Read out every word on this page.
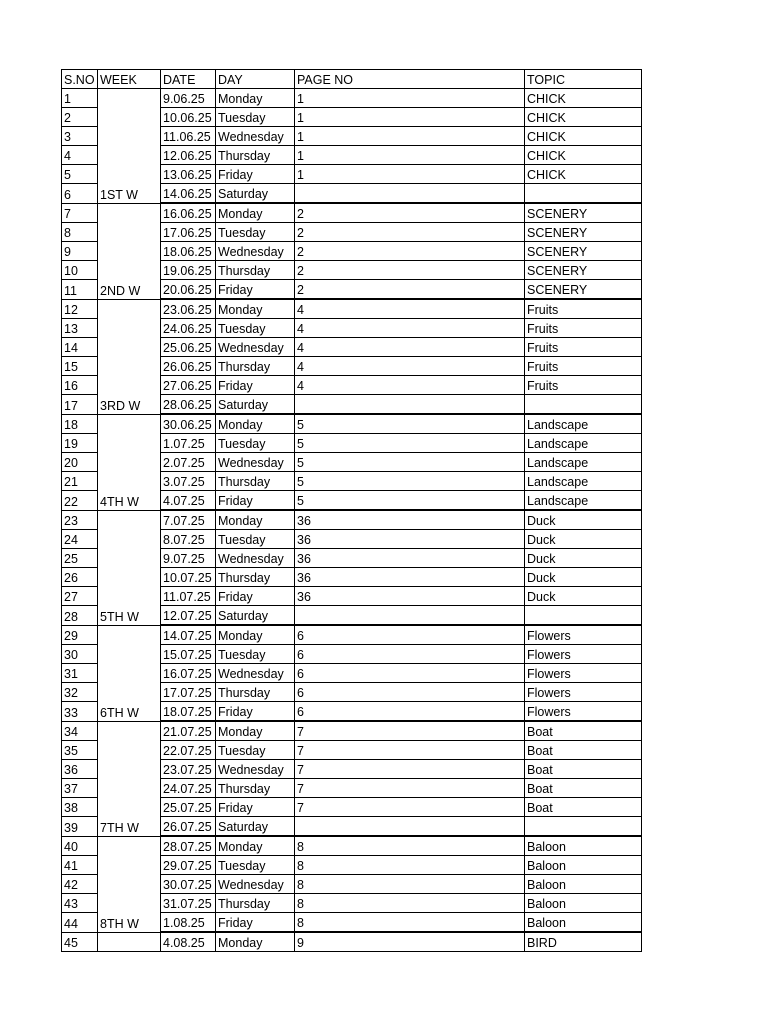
S.NO	WEEK	DATE	DAY	PAGE NO	TOPIC
1		9.06.25	Monday	1	CHICK
2		10.06.25	Tuesday	1	CHICK
3		11.06.25	Wednesday	1	CHICK
4		12.06.25	Thursday	1	CHICK
5		13.06.25	Friday	1	CHICK
6	1ST W	14.06.25	Saturday		
7		16.06.25	Monday	2	SCENERY
8		17.06.25	Tuesday	2	SCENERY
9		18.06.25	Wednesday	2	SCENERY
10		19.06.25	Thursday	2	SCENERY
11	2ND W	20.06.25	Friday	2	SCENERY
12		23.06.25	Monday	4	Fruits
13		24.06.25	Tuesday	4	Fruits
14		25.06.25	Wednesday	4	Fruits
15		26.06.25	Thursday	4	Fruits
16		27.06.25	Friday	4	Fruits
17	3RD W	28.06.25	Saturday		
18		30.06.25	Monday	5	Landscape
19		1.07.25	Tuesday	5	Landscape
20		2.07.25	Wednesday	5	Landscape
21		3.07.25	Thursday	5	Landscape
22	4TH W	4.07.25	Friday	5	Landscape
23		7.07.25	Monday	36	Duck
24		8.07.25	Tuesday	36	Duck
25		9.07.25	Wednesday	36	Duck
26		10.07.25	Thursday	36	Duck
27		11.07.25	Friday	36	Duck
28	5TH W	12.07.25	Saturday		
29		14.07.25	Monday	6	Flowers
30		15.07.25	Tuesday	6	Flowers
31		16.07.25	Wednesday	6	Flowers
32		17.07.25	Thursday	6	Flowers
33	6TH W	18.07.25	Friday	6	Flowers
34		21.07.25	Monday	7	Boat
35		22.07.25	Tuesday	7	Boat
36		23.07.25	Wednesday	7	Boat
37		24.07.25	Thursday	7	Boat
38		25.07.25	Friday	7	Boat
39	7TH W	26.07.25	Saturday		
40		28.07.25	Monday	8	Baloon
41		29.07.25	Tuesday	8	Baloon
42		30.07.25	Wednesday	8	Baloon
43		31.07.25	Thursday	8	Baloon
44	8TH W	1.08.25	Friday	8	Baloon
45		4.08.25	Monday	9	BIRD
